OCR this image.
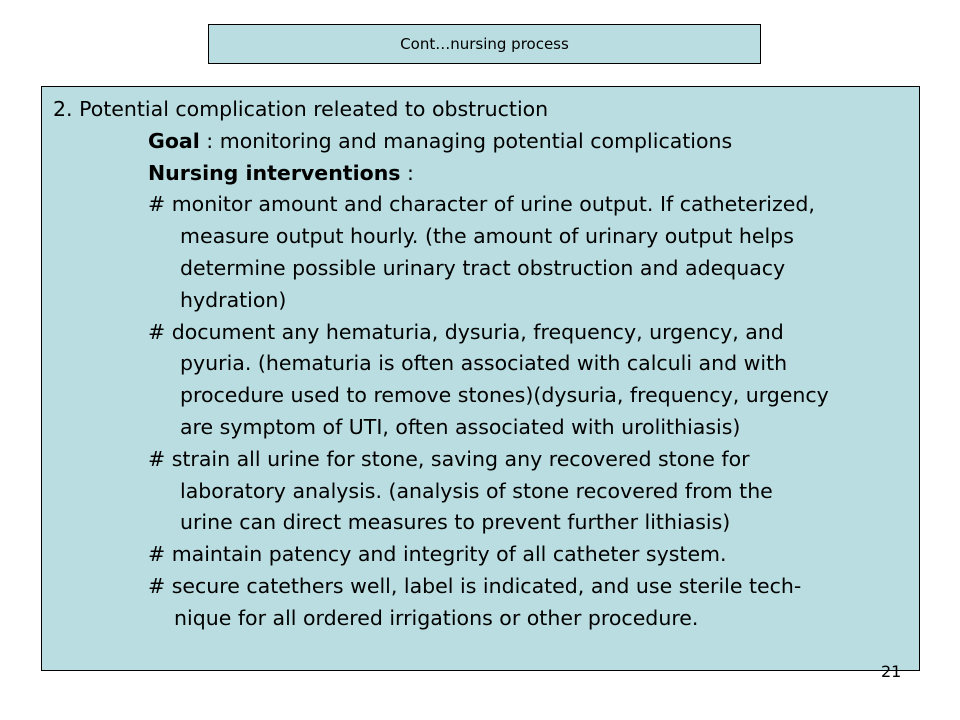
Cont…nursing process
2. Potential complication releated to obstruction
Goal : monitoring and managing potential complications
Nursing interventions :
# monitor amount and character of urine output. If catheterized,
measure output hourly. (the amount of urinary output helps
determine possible urinary tract obstruction and adequacy
hydration)
# document any hematuria, dysuria, frequency, urgency, and
pyuria. (hematuria is often associated with calculi and with
procedure used to remove stones)(dysuria, frequency, urgency
are symptom of UTI, often associated with urolithiasis)
# strain all urine for stone, saving any recovered stone for
laboratory analysis. (analysis of stone recovered from the
urine can direct measures to prevent further lithiasis)
# maintain patency and integrity of all catheter system.
# secure catethers well, label is indicated, and use sterile tech-
nique for all ordered irrigations or other procedure.
21
